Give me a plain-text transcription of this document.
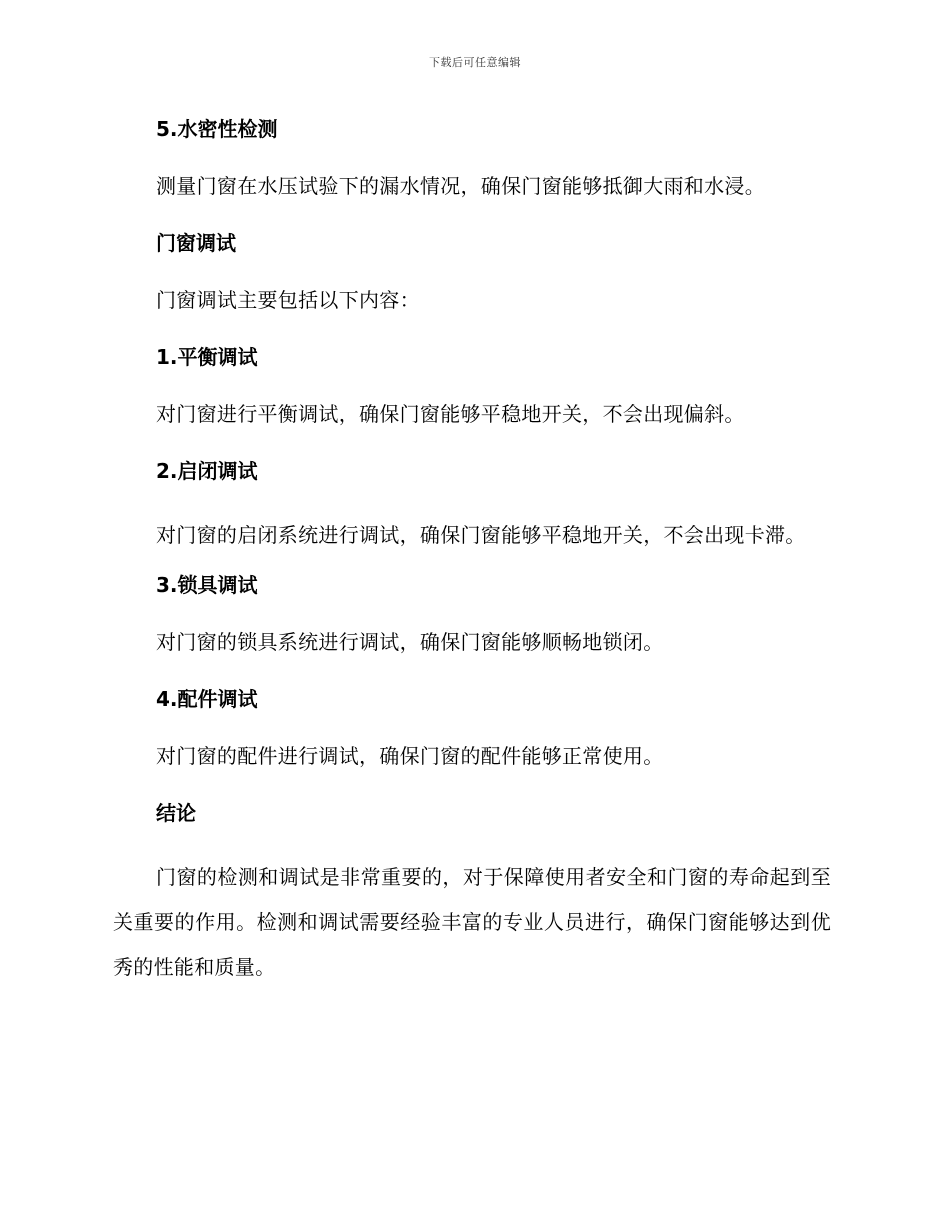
下载后可任意编辑
5.水密性检测
测量门窗在水压试验下的漏水情况，确保门窗能够抵御大雨和水浸。
门窗调试
门窗调试主要包括以下内容：
1.平衡调试
对门窗进行平衡调试，确保门窗能够平稳地开关，不会出现偏斜。
2.启闭调试
对门窗的启闭系统进行调试，确保门窗能够平稳地开关，不会出现卡滞。
3.锁具调试
对门窗的锁具系统进行调试，确保门窗能够顺畅地锁闭。
4.配件调试
对门窗的配件进行调试，确保门窗的配件能够正常使用。
结论
门窗的检测和调试是非常重要的，对于保障使用者安全和门窗的寿命起到至关重要的作用。检测和调试需要经验丰富的专业人员进行，确保门窗能够达到优秀的性能和质量。
